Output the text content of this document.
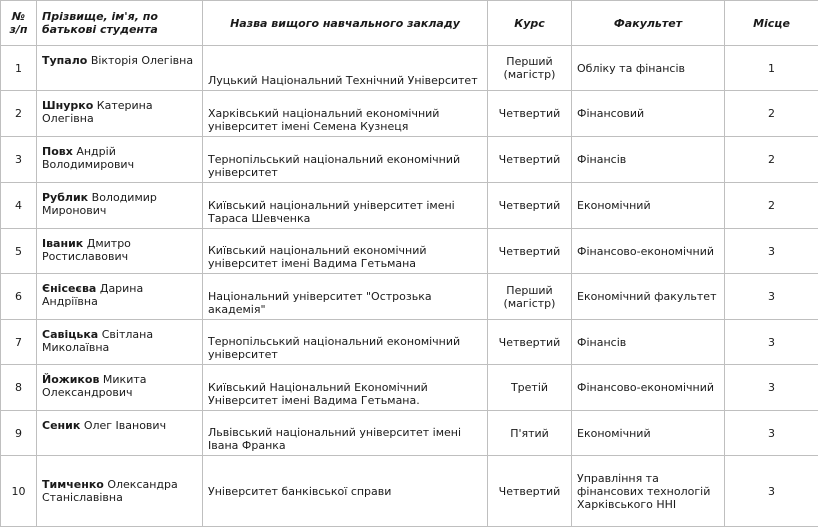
№ з/п	Прізвище, ім'я, по батькові студента	Назва вищого навчального закладу	Курс	Факультет	Місце
1	Тупало Вікторія Олегівна	Луцький Національний Технічний Університет	Перший (магістр)	Обліку та фінансів	1
2	Шнурко Катерина Олегівна	Харківський національний економічний університет імені Семена Кузнеця	Четвертий	Фінансовий	2
3	Повх Андрій Володимирович	Тернопільський національний економічний університет	Четвертий	Фінансів	2
4	Рублик Володимир Миронович	Київський національний університет імені Тараса Шевченка	Четвертий	Економічний	2
5	Іваник Дмитро Ростиславович	Київський національний економічний університет імені Вадима Гетьмана	Четвертий	Фінансово-економічний	3
6	Єнісеєва Дарина Андріївна	Національний університет "Острозька академія"	Перший (магістр)	Економічний факультет	3
7	Савіцька Світлана Миколаївна	Тернопільський національний економічний університет	Четвертий	Фінансів	3
8	Йожиков Микита Олександрович	Київський Національний Економічний Університет імені Вадима Гетьмана.	Третій	Фінансово-економічний	3
9	Сеник Олег Іванович	Львівський національний університет імені Івана Франка	П'ятий	Економічний	3
10	Тимченко Олександра Станіславівна	Університет банківської справи	Четвертий	Управління та фінансових технологій Харківського ННІ	3
